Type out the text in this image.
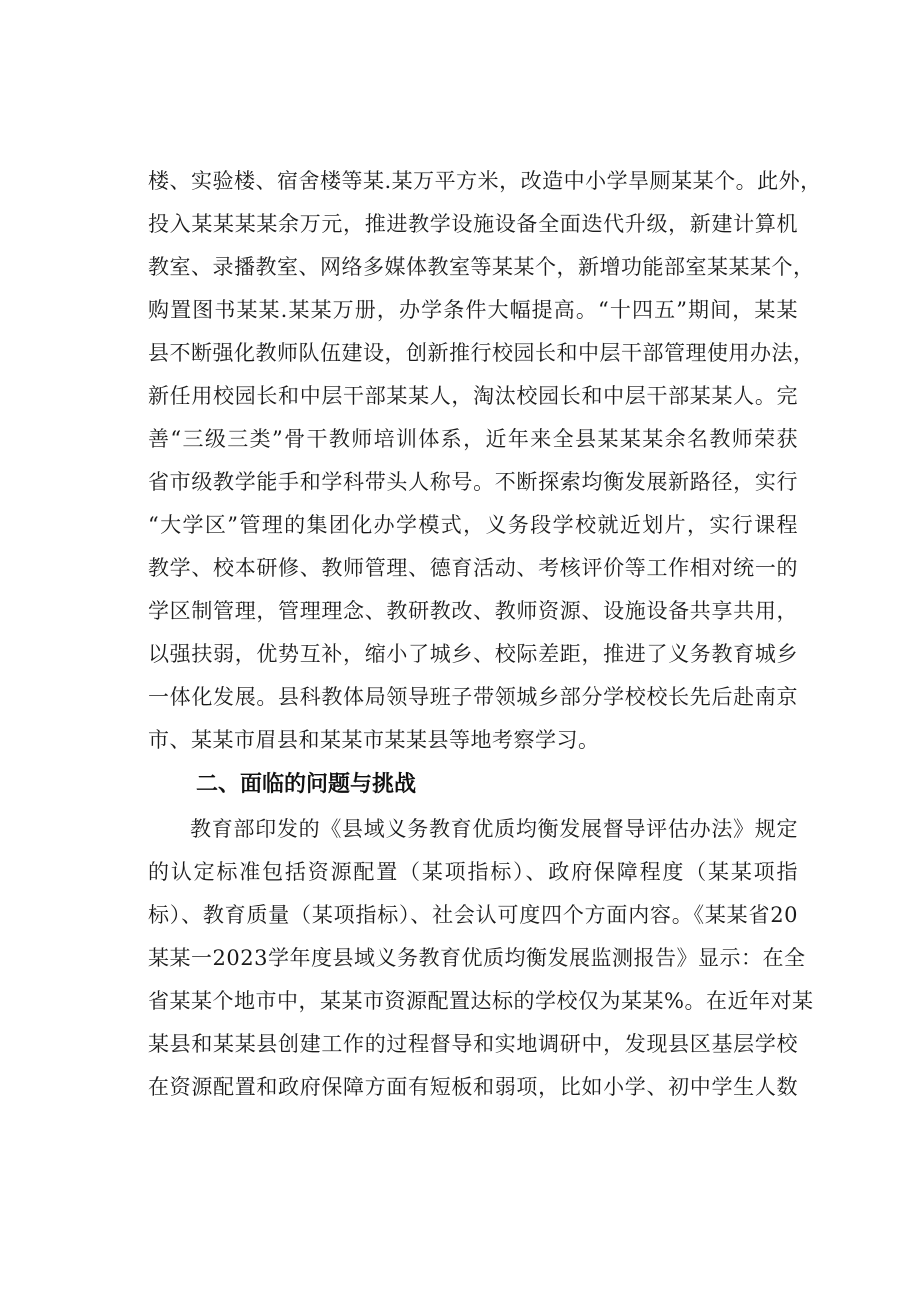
楼、实验楼、宿舍楼等某.某万平方米，改造中小学旱厕某某个。此外，
投入某某某某余万元，推进教学设施设备全面迭代升级，新建计算机
教室、录播教室、网络多媒体教室等某某个，新增功能部室某某某个，
购置图书某某.某某万册，办学条件大幅提高。“十四五”期间，某某
县不断强化教师队伍建设，创新推行校园长和中层干部管理使用办法，
新任用校园长和中层干部某某人，淘汰校园长和中层干部某某人。完
善“三级三类”骨干教师培训体系，近年来全县某某某余名教师荣获
省市级教学能手和学科带头人称号。不断探索均衡发展新路径，实行
“大学区”管理的集团化办学模式，义务段学校就近划片，实行课程
教学、校本研修、教师管理、德育活动、考核评价等工作相对统一的
学区制管理，管理理念、教研教改、教师资源、设施设备共享共用，
以强扶弱，优势互补，缩小了城乡、校际差距，推进了义务教育城乡
一体化发展。县科教体局领导班子带领城乡部分学校校长先后赴南京
市、某某市眉县和某某市某某县等地考察学习。
二、面临的问题与挑战
教育部印发的《县域义务教育优质均衡发展督导评估办法》规定
的认定标准包括资源配置（某项指标）、政府保障程度（某某项指
标）、教育质量（某项指标）、社会认可度四个方面内容。《某某省20
某某一2023学年度县域义务教育优质均衡发展监测报告》显示：在全
省某某个地市中，某某市资源配置达标的学校仅为某某%。在近年对某
某县和某某县创建工作的过程督导和实地调研中，发现县区基层学校
在资源配置和政府保障方面有短板和弱项，比如小学、初中学生人数
